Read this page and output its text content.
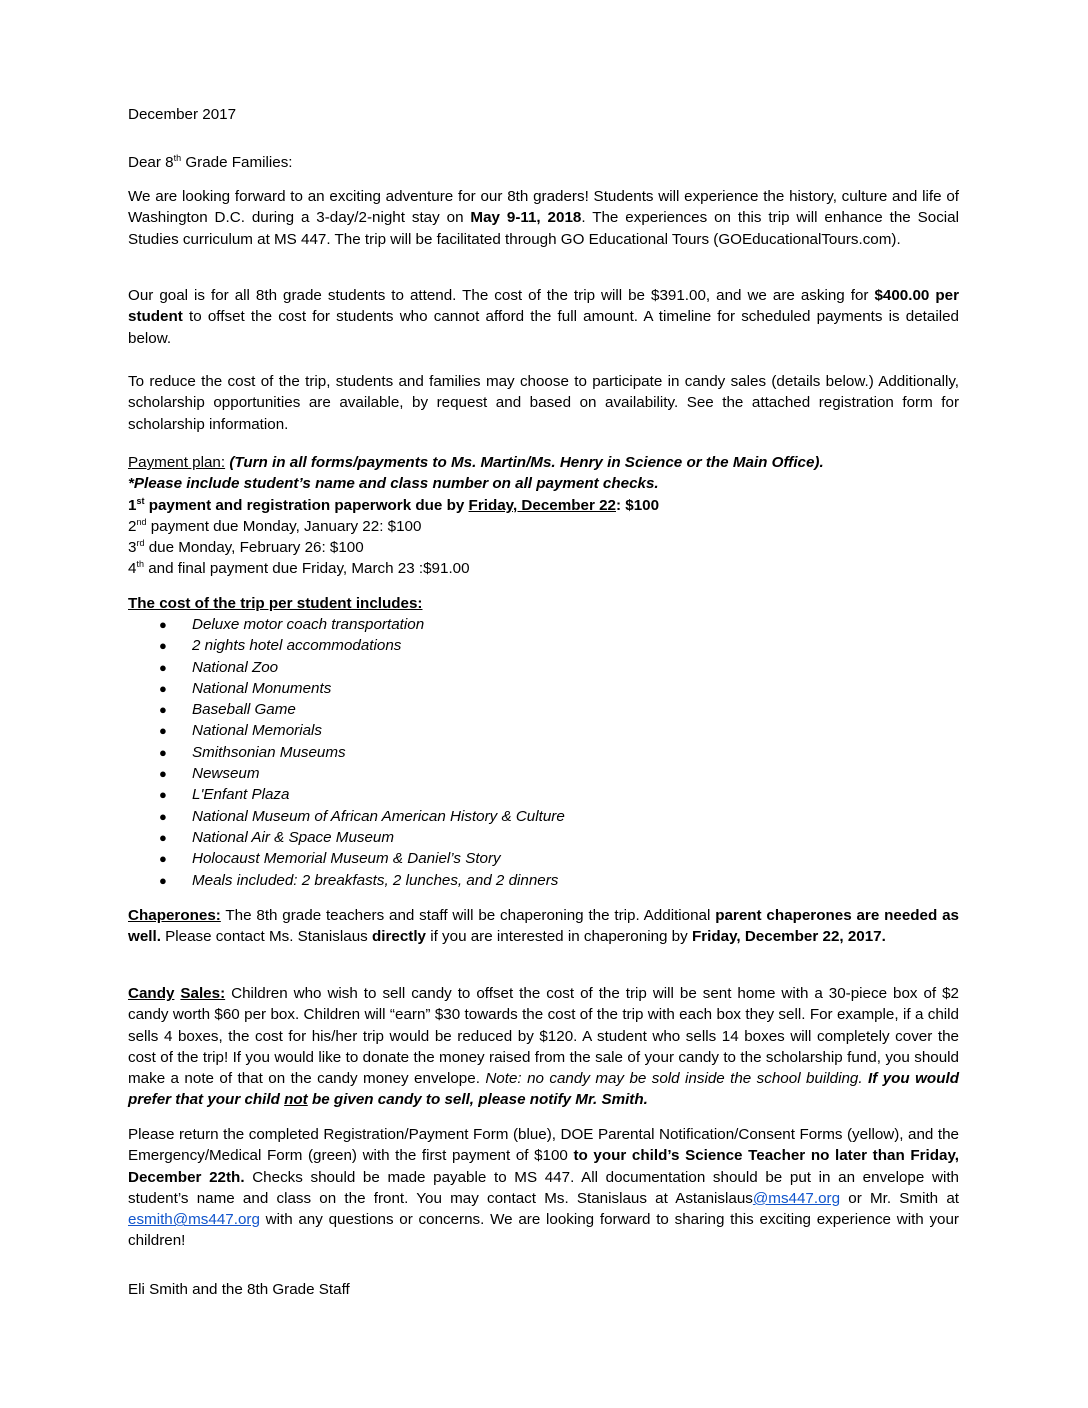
December 2017

Dear 8th Grade Families:

We are looking forward to an exciting adventure for our 8th graders! Students will experience the history, culture and life of Washington D.C. during a 3-day/2-night stay on May 9-11, 2018. The experiences on this trip will enhance the Social Studies curriculum at MS 447. The trip will be facilitated through GO Educational Tours (GOEducationalTours.com).

Our goal is for all 8th grade students to attend. The cost of the trip will be $391.00, and we are asking for $400.00 per student to offset the cost for students who cannot afford the full amount. A timeline for scheduled payments is detailed below.

To reduce the cost of the trip, students and families may choose to participate in candy sales (details below.) Additionally, scholarship opportunities are available, by request and based on availability. See the attached registration form for scholarship information.

Payment plan: (Turn in all forms/payments to Ms. Martin/Ms. Henry in Science or the Main Office).

*Please include student’s name and class number on all payment checks.

1st payment and registration paperwork due by Friday, December 22: $100

2nd payment due Monday, January 22: $100

3rd due Monday, February 26: $100

4th and final payment due Friday, March 23 :$91.00

The cost of the trip per student includes:

● Deluxe motor coach transportation
● 2 nights hotel accommodations
● National Zoo
● National Monuments
● Baseball Game
● National Memorials
● Smithsonian Museums
● Newseum
● L'Enfant Plaza
● National Museum of African American History & Culture
● National Air & Space Museum
● Holocaust Memorial Museum & Daniel’s Story
● Meals included: 2 breakfasts, 2 lunches, and 2 dinners

Chaperones: The 8th grade teachers and staff will be chaperoning the trip. Additional parent chaperones are needed as well. Please contact Ms. Stanislaus directly if you are interested in chaperoning by Friday, December 22, 2017.

Candy Sales: Children who wish to sell candy to offset the cost of the trip will be sent home with a 30-piece box of $2 candy worth $60 per box. Children will “earn” $30 towards the cost of the trip with each box they sell. For example, if a child sells 4 boxes, the cost for his/her trip would be reduced by $120. A student who sells 14 boxes will completely cover the cost of the trip! If you would like to donate the money raised from the sale of your candy to the scholarship fund, you should make a note of that on the candy money envelope. Note: no candy may be sold inside the school building. If you would prefer that your child not be given candy to sell, please notify Mr. Smith.

Please return the completed Registration/Payment Form (blue), DOE Parental Notification/Consent Forms (yellow), and the Emergency/Medical Form (green) with the first payment of $100 to your child’s Science Teacher no later than Friday, December 22th. Checks should be made payable to MS 447. All documentation should be put in an envelope with student’s name and class on the front. You may contact Ms. Stanislaus at Astanislaus@ms447.org or Mr. Smith at esmith@ms447.org with any questions or concerns. We are looking forward to sharing this exciting experience with your children!

Eli Smith and the 8th Grade Staff
